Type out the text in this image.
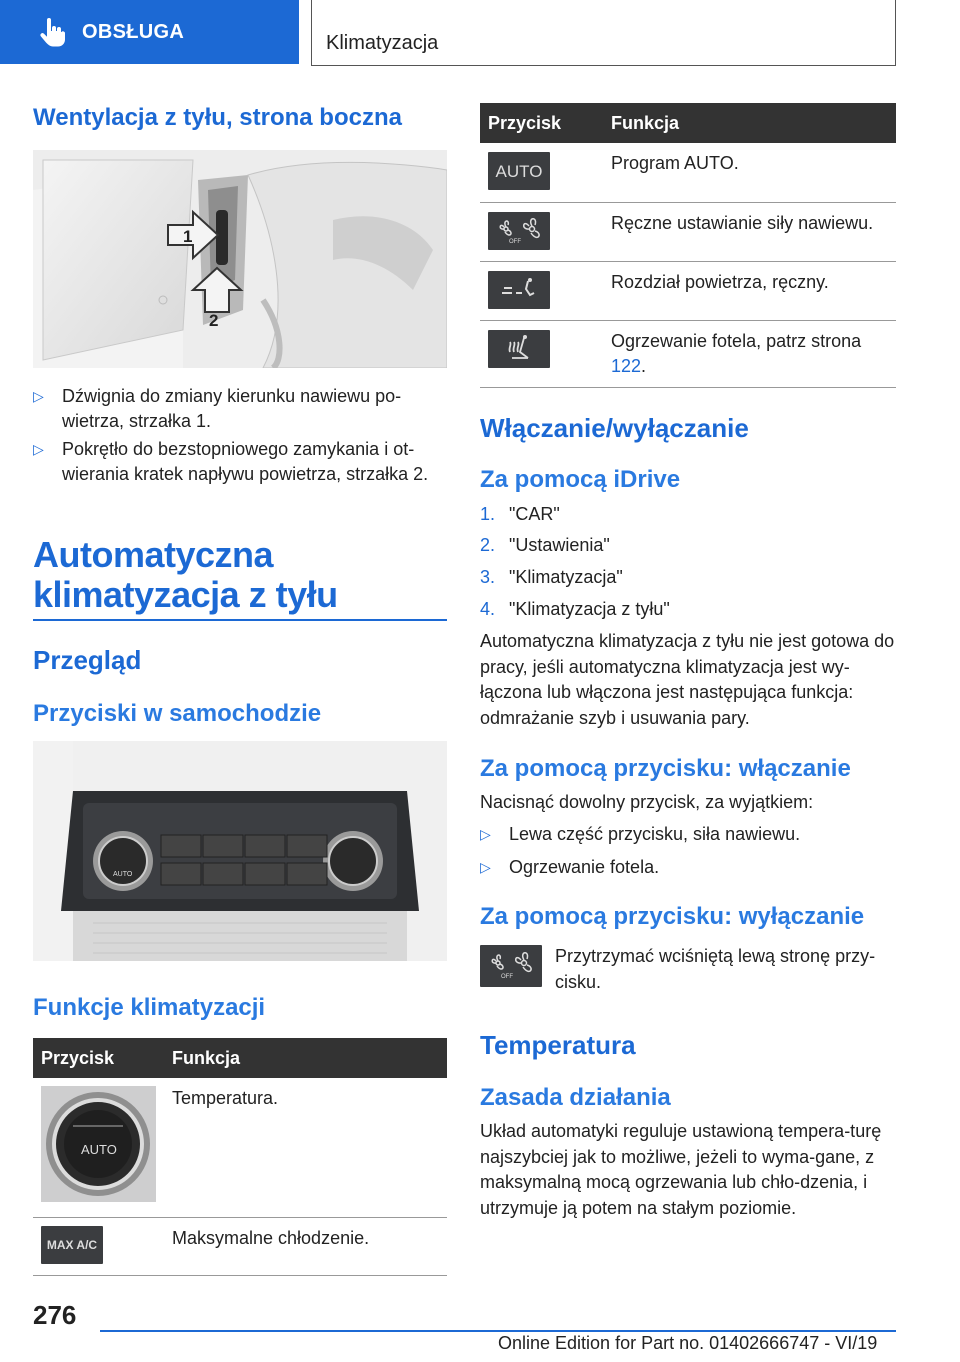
OBSŁUGA
Klimatyzacja
Wentylacja z tyłu, strona boczna
1
2
▷ Dźwignia do zmiany kierunku nawiewu po-wietrza, strzałka 1.
▷ Pokrętło do bezstopniowego zamykania i ot-wierania kratek napływu powietrza, strzałka 2.
Automatyczna klimatyzacja z tyłu
Przegląd
Przyciski w samochodzie
AUTO
Funkcje klimatyzacji
Przycisk	Funkcja

AUTO	Temperatura.

MAX A/C	Maksymalne chłodzenie.
Przycisk	Funkcja

AUTO	Program AUTO.

OFF	Ręczne ustawianie siły nawiewu.

	Rozdział powietrza, ręczny.

	Ogrzewanie fotela, patrz strona 122.
Włączanie/wyłączanie
Za pomocą iDrive
1. "CAR"
2. "Ustawienia"
3. "Klimatyzacja"
4. "Klimatyzacja z tyłu"
Automatyczna klimatyzacja z tyłu nie jest gotowa do pracy, jeśli automatyczna klimatyzacja jest wy-łączona lub włączona jest następująca funkcja: odmrażanie szyb i usuwania pary.
Za pomocą przycisku: włączanie
Nacisnąć dowolny przycisk, za wyjątkiem:
▷ Lewa część przycisku, siła nawiewu.
▷ Ogrzewanie fotela.
Za pomocą przycisku: wyłączanie
OFF
Przytrzymać wciśniętą lewą stronę przy-cisku.
Temperatura
Zasada działania
Układ automatyki reguluje ustawioną tempera-turę najszybciej jak to możliwe, jeżeli to wyma-gane, z maksymalną mocą ogrzewania lub chło-dzenia, i utrzymuje ją potem na stałym poziomie.
276
Online Edition for Part no. 01402666747 - VI/19
